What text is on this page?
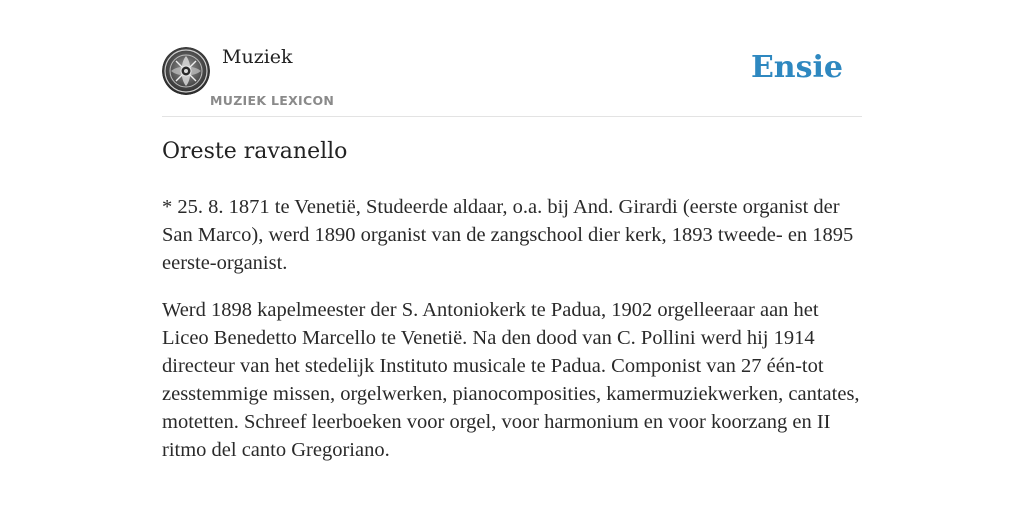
Muziek
MUZIEK LEXICON
Ensie
Oreste ravanello

* 25. 8. 1871 te Venetië, Studeerde aldaar, o.a. bij And. Girardi (eerste organist der San Marco), werd 1890 organist van de zangschool dier kerk, 1893 tweede- en 1895 eerste-organist.

Werd 1898 kapelmeester der S. Antoniokerk te Padua, 1902 orgelleeraar aan het Liceo Benedetto Marcello te Venetië. Na den dood van C. Pollini werd hij 1914 directeur van het stedelijk Instituto musicale te Padua. Componist van 27 één-tot zesstemmige missen, orgelwerken, pianocomposities, kamermuziekwerken, cantates, motetten. Schreef leerboeken voor orgel, voor harmonium en voor koorzang en II ritmo del canto Gregoriano.
